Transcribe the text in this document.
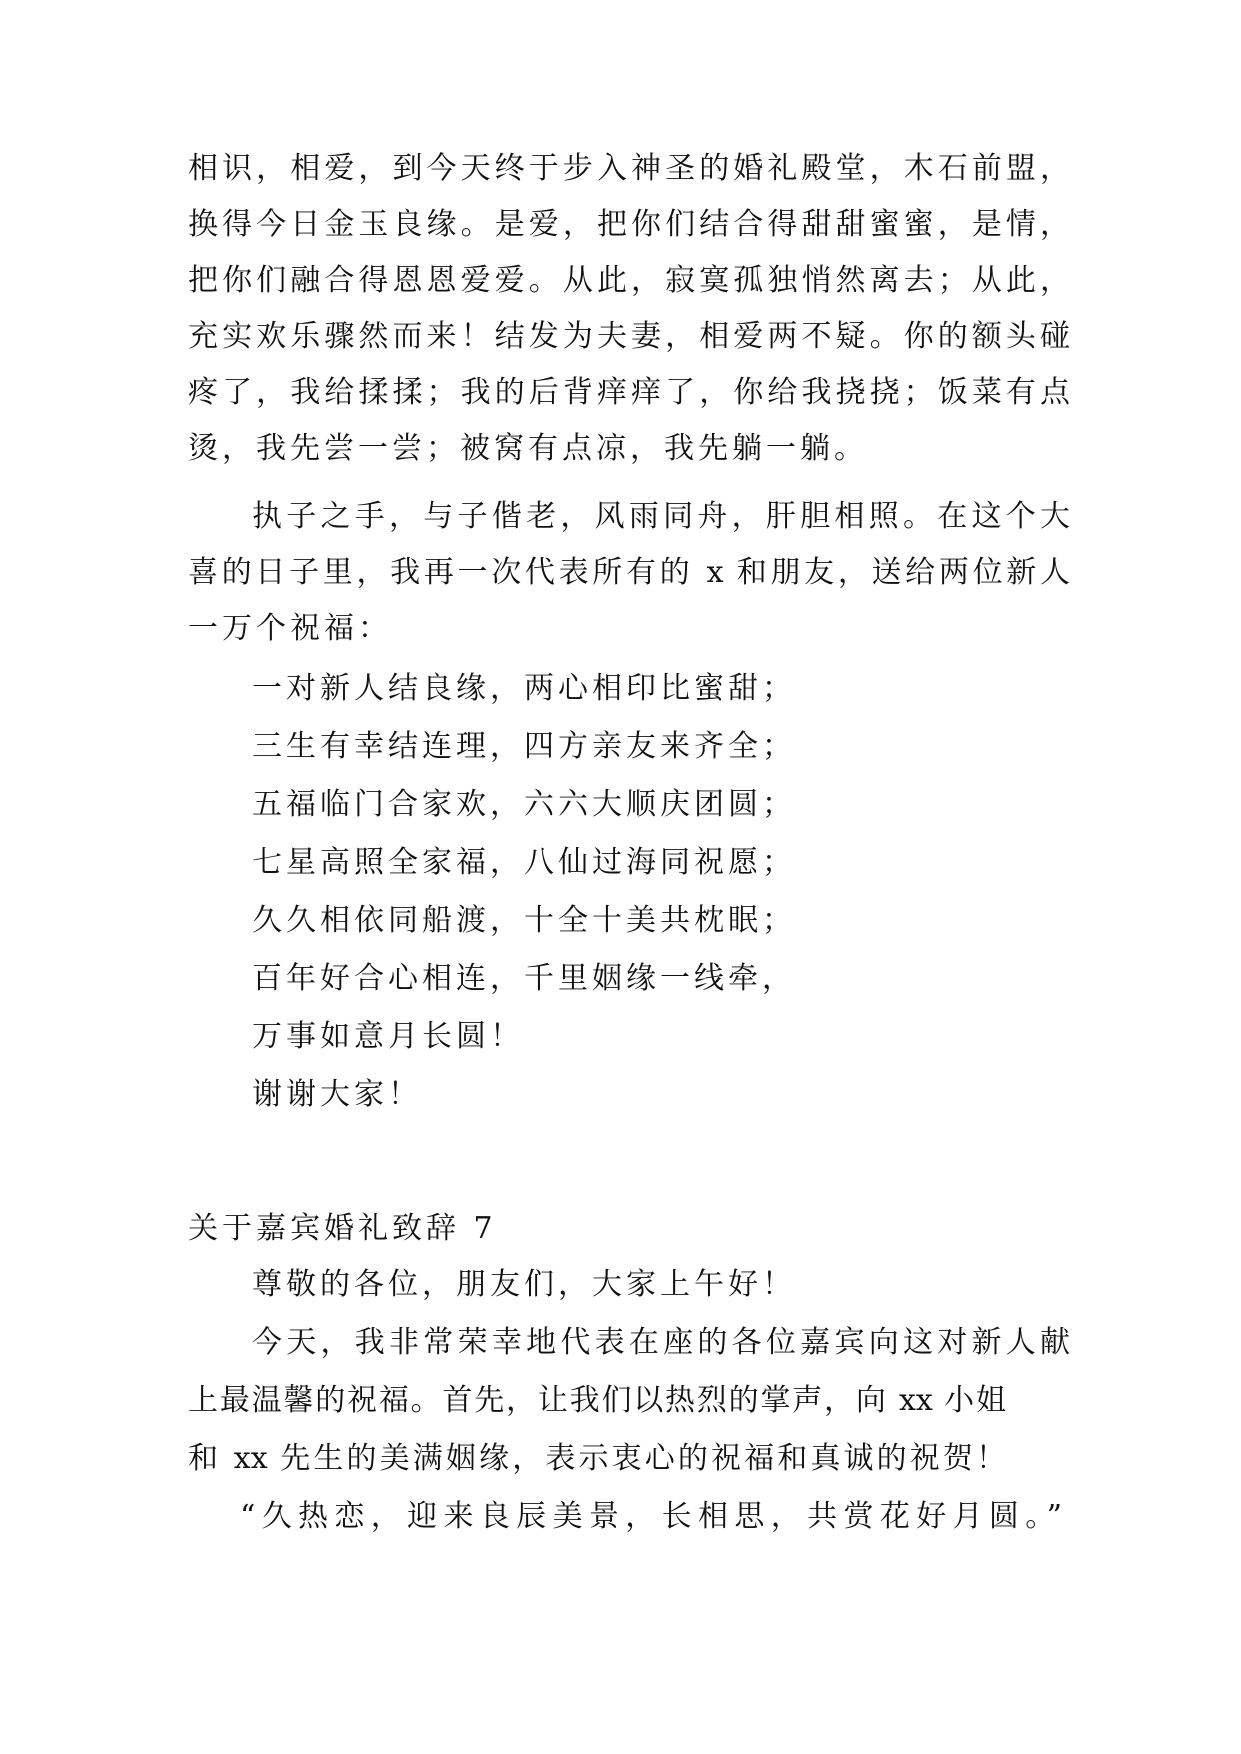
相识，相爱，到今天终于步入神圣的婚礼殿堂，木石前盟，
换得今日金玉良缘。是爱，把你们结合得甜甜蜜蜜，是情，
把你们融合得恩恩爱爱。从此，寂寞孤独悄然离去；从此，
充实欢乐骤然而来！结发为夫妻，相爱两不疑。你的额头碰
疼了，我给揉揉；我的后背痒痒了，你给我挠挠；饭菜有点
烫，我先尝一尝；被窝有点凉，我先躺一躺。
执子之手，与子偕老，风雨同舟，肝胆相照。在这个大
喜的日子里，我再一次代表所有的 x 和朋友，送给两位新人
一万个祝福：
一对新人结良缘，两心相印比蜜甜；
三生有幸结连理，四方亲友来齐全；
五福临门合家欢，六六大顺庆团圆；
七星高照全家福，八仙过海同祝愿；
久久相依同船渡，十全十美共枕眠；
百年好合心相连，千里姻缘一线牵，
万事如意月长圆！
谢谢大家！
关于嘉宾婚礼致辞 7
尊敬的各位，朋友们，大家上午好！
今天，我非常荣幸地代表在座的各位嘉宾向这对新人献
上最温馨的祝福。首先，让我们以热烈的掌声，向 xx 小姐
和 xx 先生的美满姻缘，表示衷心的祝福和真诚的祝贺！
“久热恋，迎来良辰美景，长相思，共赏花好月圆。”
